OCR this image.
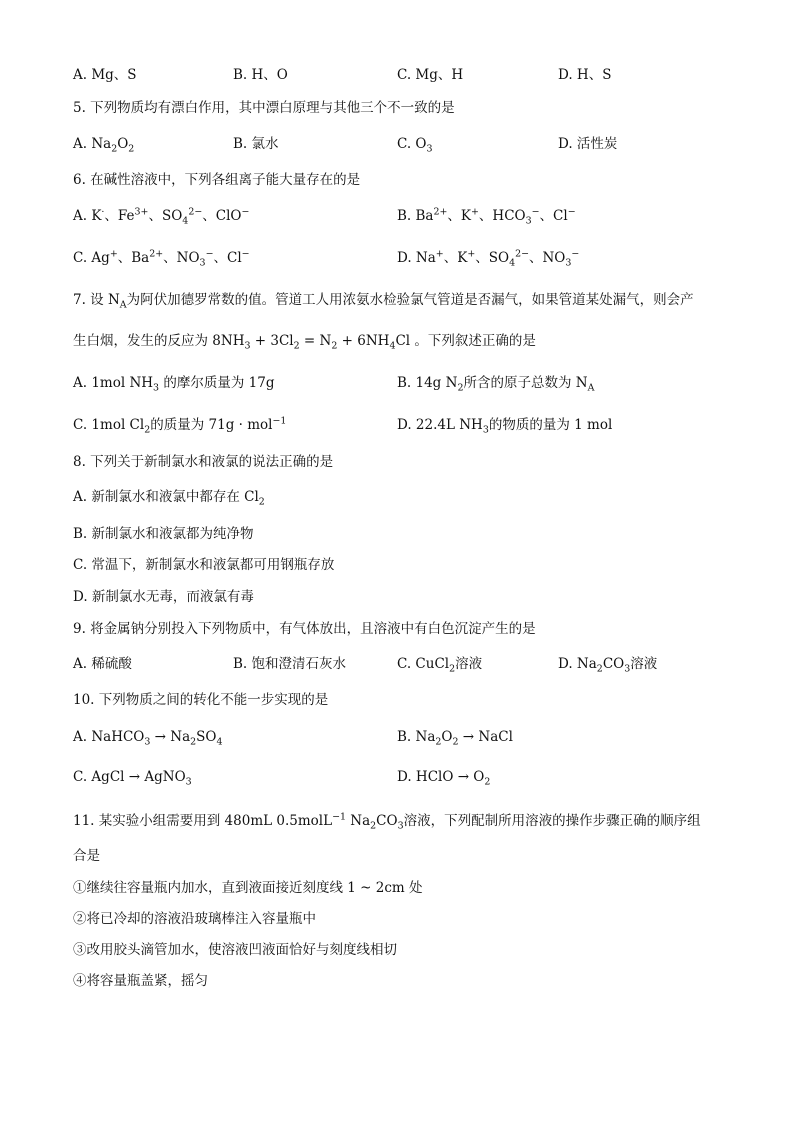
A. Mg、S	B. H、O	C. Mg、H	D. H、S
5. 下列物质均有漂白作用，其中漂白原理与其他三个不一致的是
A. $Na_2O_2$	B. 氯水	C. $O_3$	D. 活性炭
6. 在碱性溶液中，下列各组离子能大量存在的是
A. K·、$Fe^{3+}$、$SO_4^{2-}$、ClO−	B. $Ba^{2+}$、K+、$HCO_3^-$、Cl−
C. Ag+、$Ba^{2+}$、$NO_3^-$、Cl−	D. Na+、K+、$SO_4^{2-}$、$NO_3^-$
7. 设 $N_A$为阿伏加德罗常数的值。管道工人用浓氨水检验氯气管道是否漏气，如果管道某处漏气，则会产
生白烟，发生的反应为 $8NH_3 + 3Cl_2 = N_2 + 6NH_4Cl$ 。下列叙述正确的是
A. 1mol $NH_3$ 的摩尔质量为 17g	B. 14g $N_2$所含的原子总数为 $N_A$
C. 1mol $Cl_2$的质量为 71g · mol$^{-1}$	D. 22.4L $NH_3$的物质的量为 1 mol
8. 下列关于新制氯水和液氯的说法正确的是
A. 新制氯水和液氯中都存在 $Cl_2$
B. 新制氯水和液氯都为纯净物
C. 常温下，新制氯水和液氯都可用钢瓶存放
D. 新制氯水无毒，而液氯有毒
9. 将金属钠分别投入下列物质中，有气体放出，且溶液中有白色沉淀产生的是
A. 稀硫酸	B. 饱和澄清石灰水	C. CuCl$_2$溶液	D. $Na_2CO_3$溶液
10. 下列物质之间的转化不能一步实现的是
A. NaHCO$_3$ → $Na_2SO_4$	B. $Na_2O_2$ → NaCl
C. AgCl → AgNO$_3$	D. HClO → $O_2$
11. 某实验小组需要用到 480mL 0.5molL$^{-1}$ $Na_2CO_3$溶液，下列配制所用溶液的操作步骤正确的顺序组
合是
①继续往容量瓶内加水，直到液面接近刻度线 1 ~ 2cm 处
②将已冷却的溶液沿玻璃棒注入容量瓶中
③改用胶头滴管加水，使溶液凹液面恰好与刻度线相切
④将容量瓶盖紧，摇匀
